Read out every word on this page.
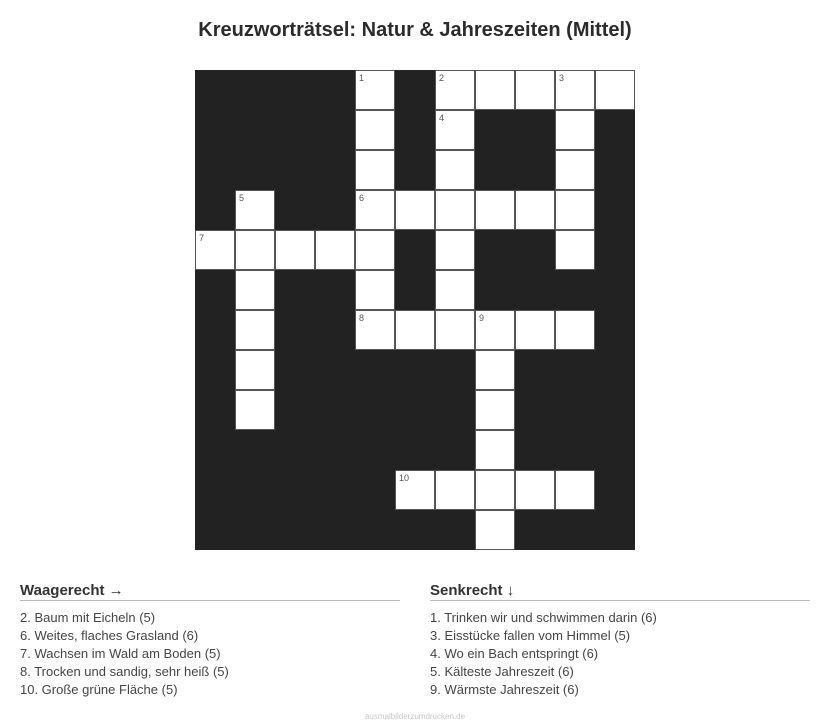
Kreuzworträtsel: Natur & Jahreszeiten (Mittel)
1	2	3
4
5	6
7
8	9
10
Waagerecht →
2. Baum mit Eicheln (5)
6. Weites, flaches Grasland (6)
7. Wachsen im Wald am Boden (5)
8. Trocken und sandig, sehr heiß (5)
10. Große grüne Fläche (5)
Senkrecht ↓
1. Trinken wir und schwimmen darin (6)
3. Eisstücke fallen vom Himmel (5)
4. Wo ein Bach entspringt (6)
5. Kälteste Jahreszeit (6)
9. Wärmste Jahreszeit (6)
ausmalbilderzumdrucken.de
